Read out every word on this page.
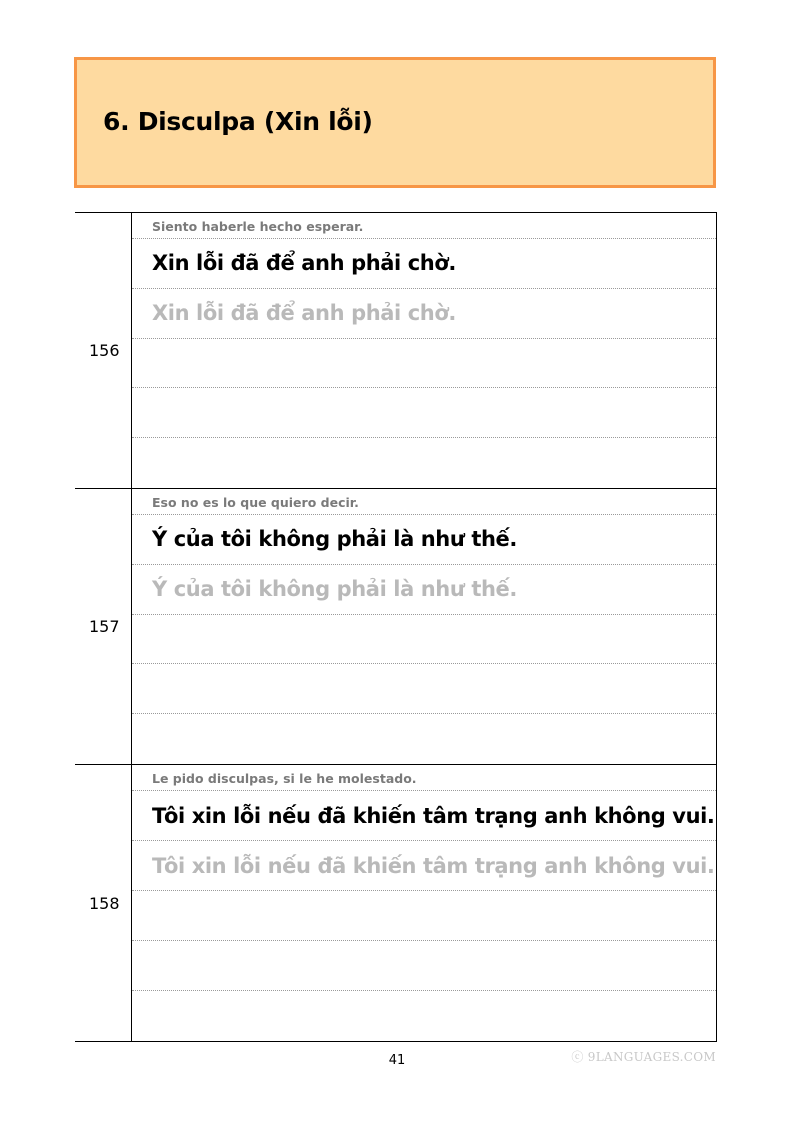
6. Disculpa (Xin lỗi)
156
Siento haberle hecho esperar.
Xin lỗi đã để anh phải chờ.
Xin lỗi đã để anh phải chờ.
157
Eso no es lo que quiero decir.
Ý của tôi không phải là như thế.
Ý của tôi không phải là như thế.
158
Le pido disculpas, si le he molestado.
Tôi xin lỗi nếu đã khiến tâm trạng anh không vui.
Tôi xin lỗi nếu đã khiến tâm trạng anh không vui.
41	ⓒ 9LANGUAGES.COM
